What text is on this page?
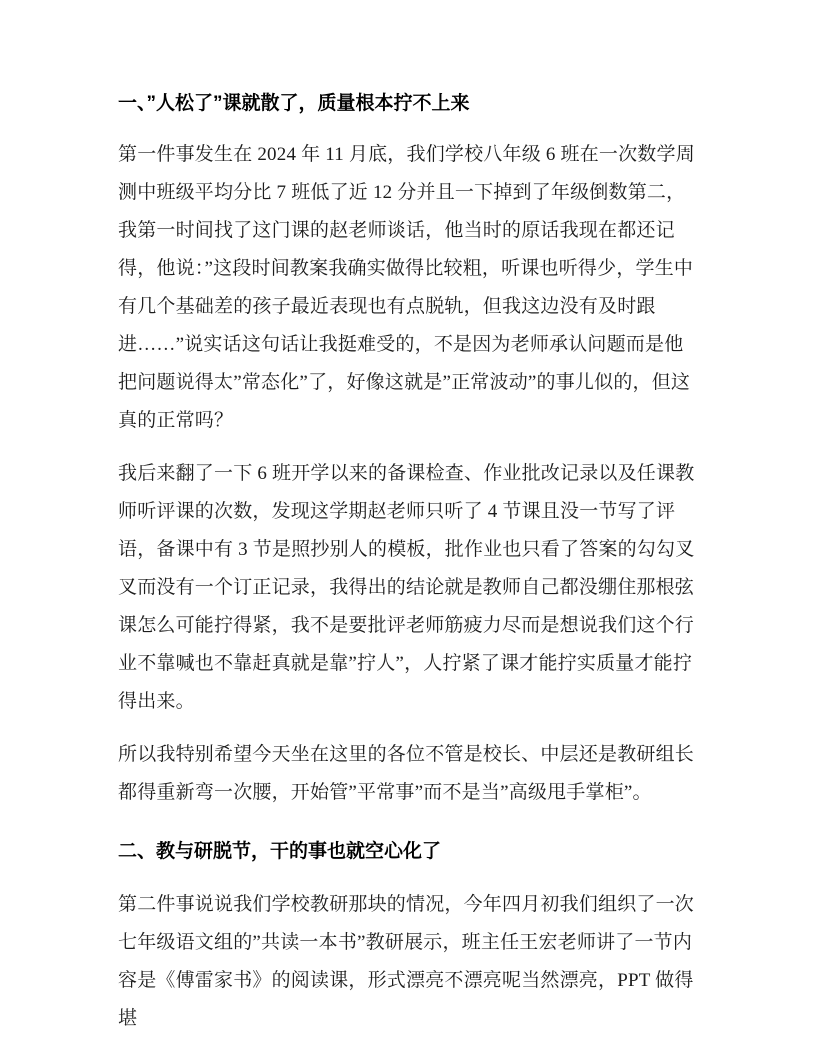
一、”人松了”课就散了，质量根本拧不上来

第一件事发生在 2024 年 11 月底，我们学校八年级 6 班在一次数学周测中班级平均分比 7 班低了近 12 分并且一下掉到了年级倒数第二，我第一时间找了这门课的赵老师谈话，他当时的原话我现在都还记得，他说：”这段时间教案我确实做得比较粗，听课也听得少，学生中有几个基础差的孩子最近表现也有点脱轨，但我这边没有及时跟进……”说实话这句话让我挺难受的，不是因为老师承认问题而是他把问题说得太”常态化”了，好像这就是”正常波动”的事儿似的，但这真的正常吗？

我后来翻了一下 6 班开学以来的备课检查、作业批改记录以及任课教师听评课的次数，发现这学期赵老师只听了 4 节课且没一节写了评语，备课中有 3 节是照抄别人的模板，批作业也只看了答案的勾勾叉叉而没有一个订正记录，我得出的结论就是教师自己都没绷住那根弦课怎么可能拧得紧，我不是要批评老师筋疲力尽而是想说我们这个行业不靠喊也不靠赶真就是靠”拧人”，人拧紧了课才能拧实质量才能拧得出来。

所以我特别希望今天坐在这里的各位不管是校长、中层还是教研组长都得重新弯一次腰，开始管”平常事”而不是当”高级甩手掌柜”。

二、教与研脱节，干的事也就空心化了

第二件事说说我们学校教研那块的情况，今年四月初我们组织了一次七年级语文组的”共读一本书”教研展示，班主任王宏老师讲了一节内容是《傅雷家书》的阅读课，形式漂亮不漂亮呢当然漂亮，PPT 做得堪
